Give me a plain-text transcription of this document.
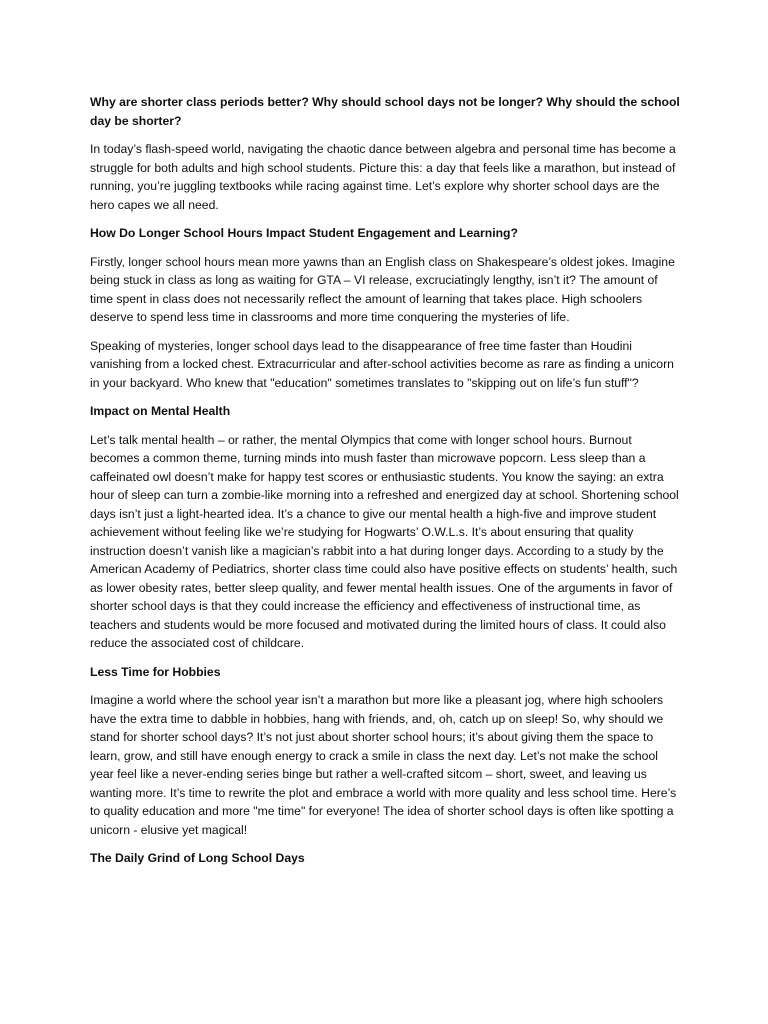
Why are shorter class periods better? Why should school days not be longer? Why should the school day be shorter?

In today’s flash-speed world, navigating the chaotic dance between algebra and personal time has become a struggle for both adults and high school students. Picture this: a day that feels like a marathon, but instead of running, you’re juggling textbooks while racing against time. Let’s explore why shorter school days are the hero capes we all need.

How Do Longer School Hours Impact Student Engagement and Learning?

Firstly, longer school hours mean more yawns than an English class on Shakespeare’s oldest jokes. Imagine being stuck in class as long as waiting for GTA – VI release, excruciatingly lengthy, isn’t it? The amount of time spent in class does not necessarily reflect the amount of learning that takes place. High schoolers deserve to spend less time in classrooms and more time conquering the mysteries of life.

Speaking of mysteries, longer school days lead to the disappearance of free time faster than Houdini vanishing from a locked chest. Extracurricular and after-school activities become as rare as finding a unicorn in your backyard. Who knew that "education" sometimes translates to "skipping out on life’s fun stuff"?

Impact on Mental Health

Let’s talk mental health – or rather, the mental Olympics that come with longer school hours. Burnout becomes a common theme, turning minds into mush faster than microwave popcorn. Less sleep than a caffeinated owl doesn’t make for happy test scores or enthusiastic students. You know the saying: an extra hour of sleep can turn a zombie-like morning into a refreshed and energized day at school. Shortening school days isn’t just a light-hearted idea. It’s a chance to give our mental health a high-five and improve student achievement without feeling like we’re studying for Hogwarts’ O.W.L.s. It’s about ensuring that quality instruction doesn’t vanish like a magician’s rabbit into a hat during longer days. According to a study by the American Academy of Pediatrics, shorter class time could also have positive effects on students’ health, such as lower obesity rates, better sleep quality, and fewer mental health issues. One of the arguments in favor of shorter school days is that they could increase the efficiency and effectiveness of instructional time, as teachers and students would be more focused and motivated during the limited hours of class. It could also reduce the associated cost of childcare.

Less Time for Hobbies

Imagine a world where the school year isn’t a marathon but more like a pleasant jog, where high schoolers have the extra time to dabble in hobbies, hang with friends, and, oh, catch up on sleep! So, why should we stand for shorter school days? It’s not just about shorter school hours; it’s about giving them the space to learn, grow, and still have enough energy to crack a smile in class the next day. Let’s not make the school year feel like a never-ending series binge but rather a well-crafted sitcom – short, sweet, and leaving us wanting more. It’s time to rewrite the plot and embrace a world with more quality and less school time. Here’s to quality education and more "me time" for everyone! The idea of shorter school days is often like spotting a unicorn - elusive yet magical!

The Daily Grind of Long School Days
